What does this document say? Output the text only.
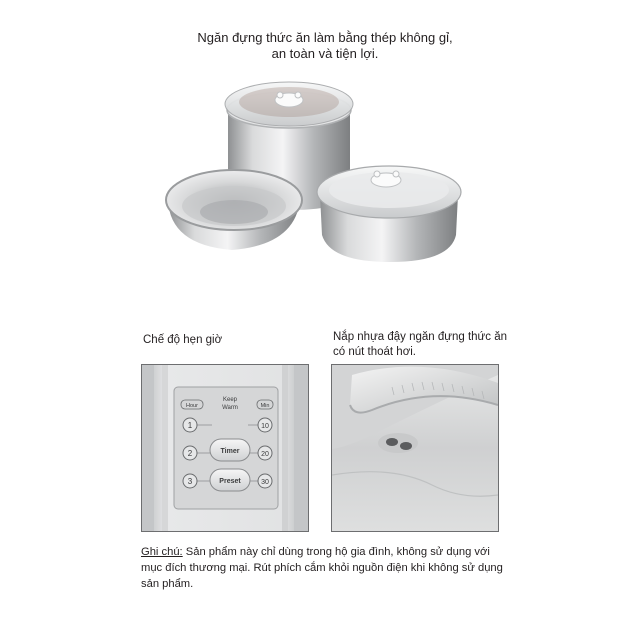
Ngăn đựng thức ăn làm bằng thép không gỉ,
an toàn và tiện lợi.
Chế độ hẹn giờ	Nắp nhựa đậy ngăn đựng thức ăn
có nút thoát hơi.
Hour	Min
Keep
Warm
1
2
3
10
20
30
Timer
Preset
Ghi chú: Sản phẩm này chỉ dùng trong hộ gia đình, không sử dụng với mục đích thương mại. Rút phích cắm khỏi nguồn điện khi không sử dụng sản phẩm.
